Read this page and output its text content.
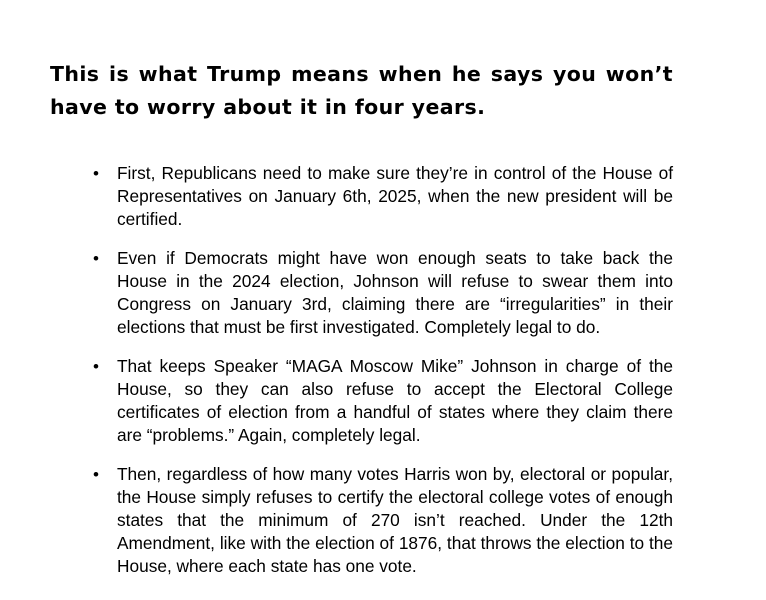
This is what Trump means when he says you won’t have to worry about it in four years.
• First, Republicans need to make sure they’re in control of the House of Representatives on January 6th, 2025, when the new president will be certified.
• Even if Democrats might have won enough seats to take back the House in the 2024 election, Johnson will refuse to swear them into Congress on January 3rd, claiming there are “irregularities” in their elections that must be first investigated. Completely legal to do.
• That keeps Speaker “MAGA Moscow Mike” Johnson in charge of the House, so they can also refuse to accept the Electoral College certificates of election from a handful of states where they claim there are “problems.” Again, completely legal.
• Then, regardless of how many votes Harris won by, electoral or popular, the House simply refuses to certify the electoral college votes of enough states that the minimum of 270 isn’t reached. Under the 12th Amendment, like with the election of 1876, that throws the election to the House, where each state has one vote.
